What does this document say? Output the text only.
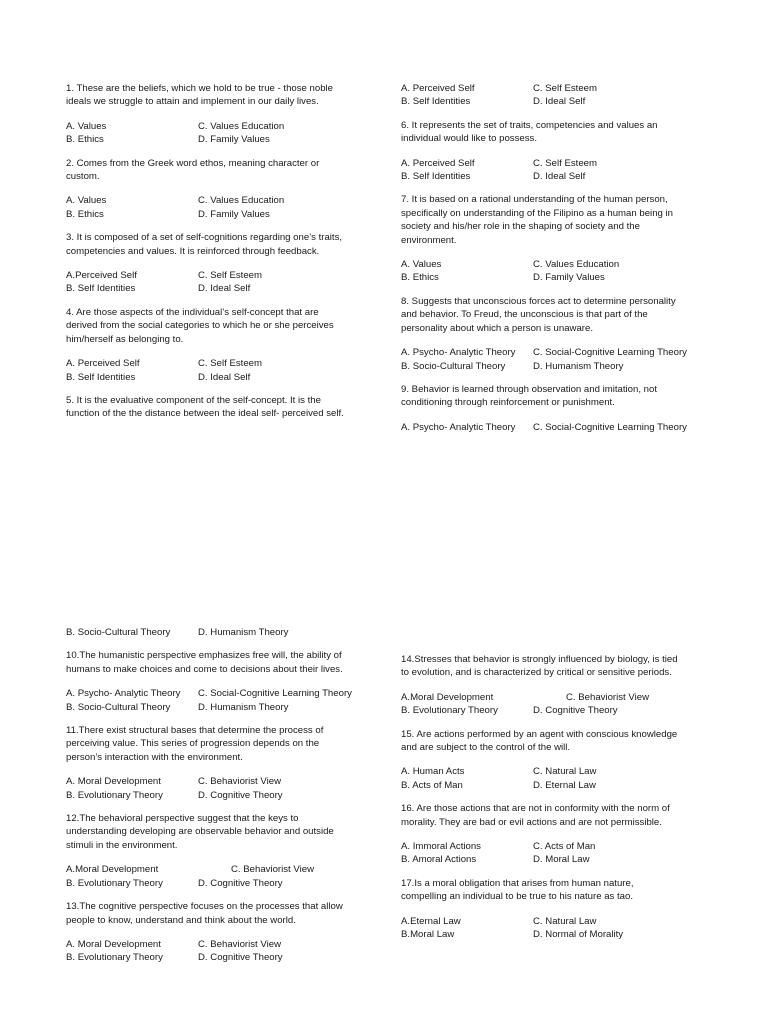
1. These are the beliefs, which we hold to be true - those noble
ideals we struggle to attain and implement in our daily lives.

A. Values	C. Values Education
B. Ethics	D. Family Values

2. Comes from the Greek word ethos, meaning character or
custom.

A. Values	C. Values Education
B. Ethics	D. Family Values

3. It is composed of a set of self-cognitions regarding one’s traits,
competencies and values. It is reinforced through feedback.

A.Perceived Self	C. Self Esteem
B. Self Identities	D. Ideal Self

4. Are those aspects of the individual’s self-concept that are
derived from the social categories to which he or she perceives
him/herself as belonging to.

A. Perceived Self	C. Self Esteem
B. Self Identities	D. Ideal Self

5. It is the evaluative component of the self-concept. It is the
function of the the distance between the ideal self- perceived self.

A. Perceived Self	C. Self Esteem
B. Self Identities	D. Ideal Self

6. It represents the set of traits, competencies and values an
individual would like to possess.

A. Perceived Self	C. Self Esteem
B. Self Identities	D. Ideal Self

7. It is based on a rational understanding of the human person,
specifically on understanding of the Filipino as a human being in
society and his/her role in the shaping of society and the
environment.

A. Values	C. Values Education
B. Ethics	D. Family Values

8. Suggests that unconscious forces act to determine personality
and behavior. To Freud, the unconscious is that part of the
personality about which a person is unaware.

A. Psycho- Analytic Theory	C. Social-Cognitive Learning Theory
B. Socio-Cultural Theory	D. Humanism Theory

9. Behavior is learned through observation and imitation, not
conditioning through reinforcement or punishment.

A. Psycho- Analytic Theory	C. Social-Cognitive Learning Theory
B. Socio-Cultural Theory	D. Humanism Theory

10.The humanistic perspective emphasizes free will, the ability of
humans to make choices and come to decisions about their lives.

A. Psycho- Analytic Theory	C. Social-Cognitive Learning Theory
B. Socio-Cultural Theory	D. Humanism Theory

11.There exist structural bases that determine the process of
perceiving value. This series of progression depends on the
person’s interaction with the environment.

A. Moral Development	C. Behaviorist View
B. Evolutionary Theory	D. Cognitive Theory

12.The behavioral perspective suggest that the keys to
understanding developing are observable behavior and outside
stimuli in the environment.

A.Moral Development	C. Behaviorist View
B. Evolutionary Theory	D. Cognitive Theory

13.The cognitive perspective focuses on the processes that allow
people to know, understand and think about the world.

A. Moral Development	C. Behaviorist View
B. Evolutionary Theory	D. Cognitive Theory

14.Stresses that behavior is strongly influenced by biology, is tied
to evolution, and is characterized by critical or sensitive periods.

A.Moral Development	C. Behaviorist View
B. Evolutionary Theory	D. Cognitive Theory

15. Are actions performed by an agent with conscious knowledge
and are subject to the control of the will.

A. Human Acts	C. Natural Law
B. Acts of Man	D. Eternal Law

16. Are those actions that are not in conformity with the norm of
morality. They are bad or evil actions and are not permissible.

A. Immoral Actions	C. Acts of Man
B. Amoral Actions	D. Moral Law

17.Is a moral obligation that arises from human nature,
compelling an individual to be true to his nature as tao.

A.Eternal Law	C. Natural Law
B.Moral Law	D. Normal of Morality
